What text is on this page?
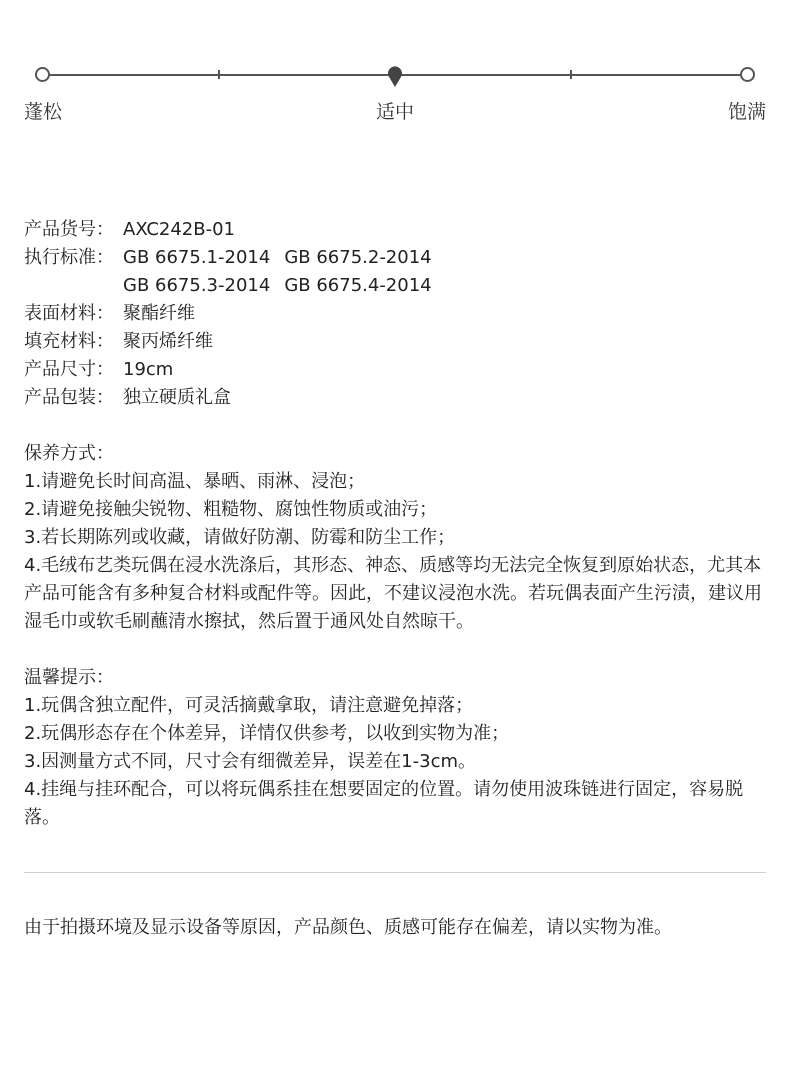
蓬松	适中	饱满
产品货号： AXC242B-01
执行标准： GB 6675.1-2014 GB 6675.2-2014
GB 6675.3-2014 GB 6675.4-2014
表面材料： 聚酯纤维
填充材料： 聚丙烯纤维
产品尺寸： 19cm
产品包装： 独立硬质礼盒

保养方式：

1.请避免长时间高温、暴晒、雨淋、浸泡；

2.请避免接触尖锐物、粗糙物、腐蚀性物质或油污；

3.若长期陈列或收藏，请做好防潮、防霉和防尘工作；

4.毛绒布艺类玩偶在浸水洗涤后，其形态、神态、质感等均无法完全恢复到原始状态，尤其本产品可能含有多种复合材料或配件等。因此，不建议浸泡水洗。若玩偶表面产生污渍，建议用湿毛巾或软毛刷蘸清水擦拭，然后置于通风处自然晾干。

温馨提示：

1.玩偶含独立配件，可灵活摘戴拿取，请注意避免掉落；

2.玩偶形态存在个体差异，详情仅供参考，以收到实物为准；

3.因测量方式不同，尺寸会有细微差异，误差在1-3cm。

4.挂绳与挂环配合，可以将玩偶系挂在想要固定的位置。请勿使用波珠链进行固定，容易脱落。

由于拍摄环境及显示设备等原因，产品颜色、质感可能存在偏差，请以实物为准。
